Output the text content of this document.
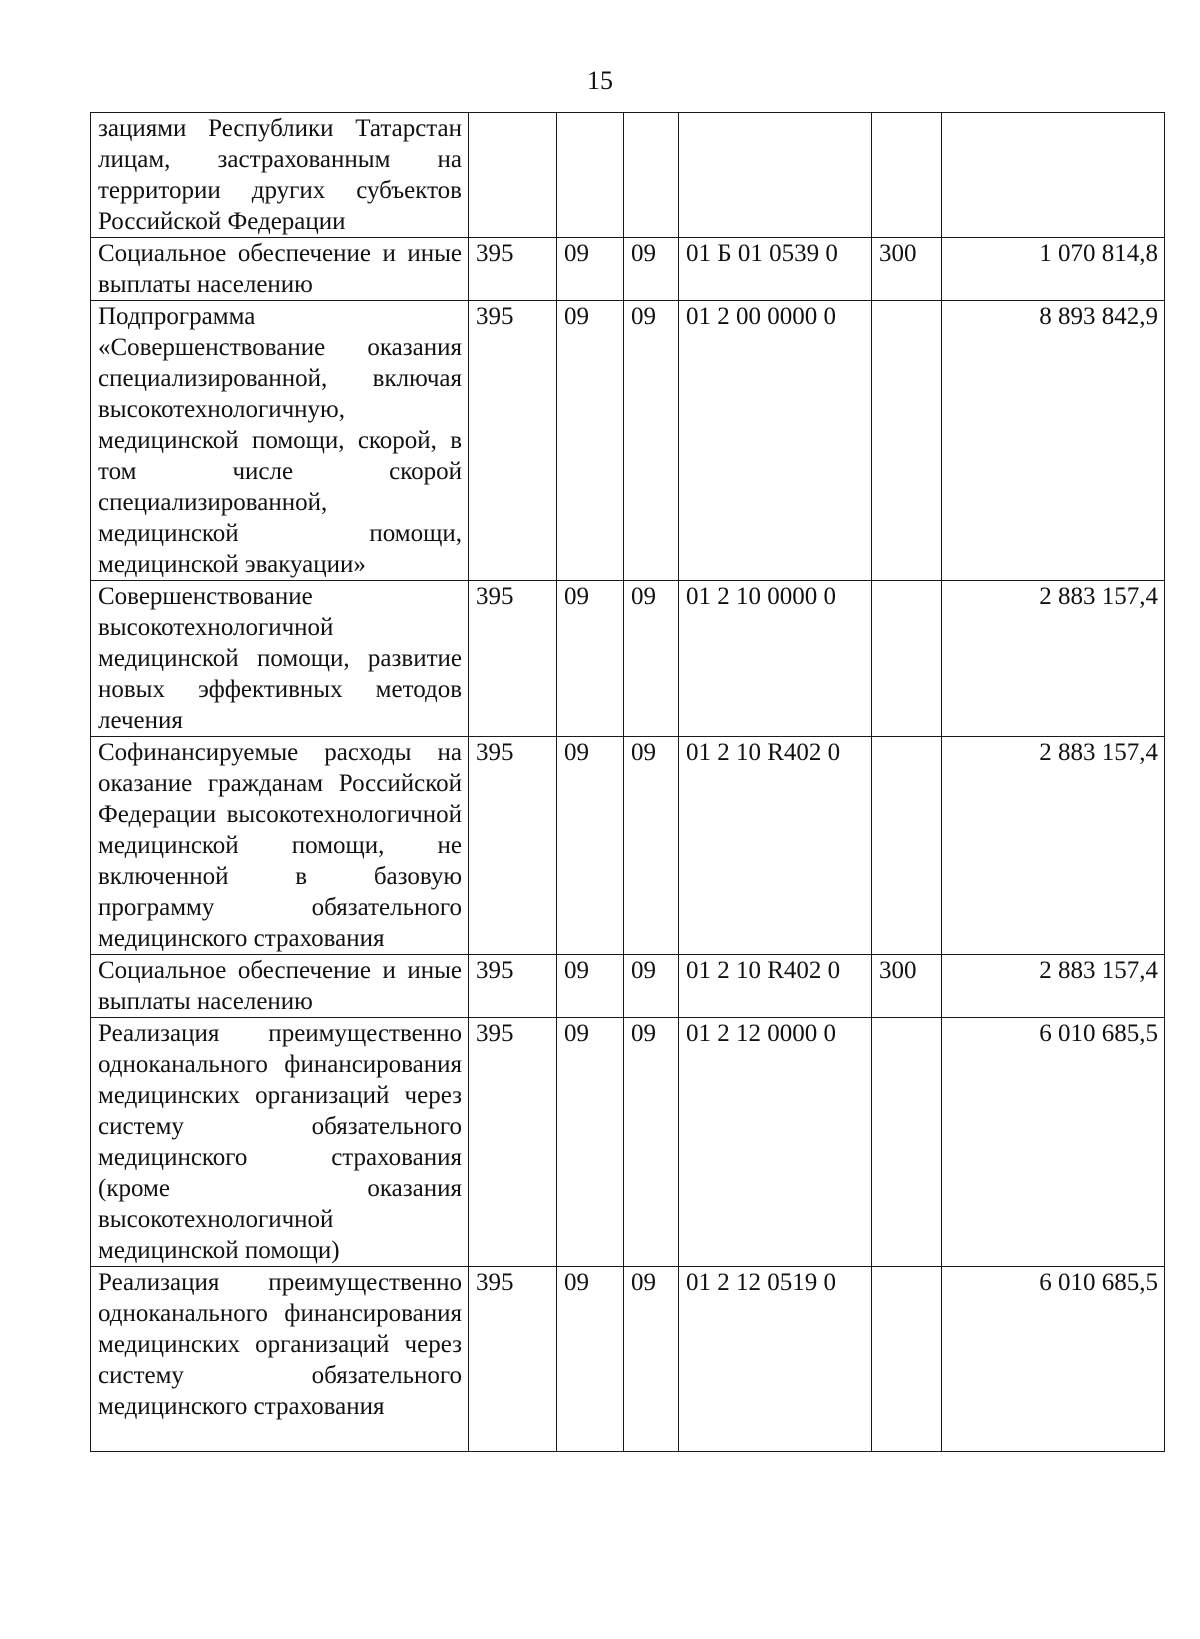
15
зациями Республики Татарстан лицам, застрахованным на территории других субъектов Российской Федерации						
Социальное обеспечение и иные выплаты населению	395	09	09	01 Б 01 0539 0	300	1 070 814,8
Подпрограмма «Совершенствование оказания специализированной, включая высокотехнологичную, медицинской помощи, скорой, в том числе скорой специализированной, медицинской помощи, медицинской эвакуации»	395	09	09	01 2 00 0000 0		8 893 842,9
Совершенствование высокотехнологичной медицинской помощи, развитие новых эффективных методов лечения	395	09	09	01 2 10 0000 0		2 883 157,4
Софинансируемые расходы на оказание гражданам Российской Федерации высокотехнологичной медицинской помощи, не включенной в базовую программу обязательного медицинского страхования	395	09	09	01 2 10 R402 0		2 883 157,4
Социальное обеспечение и иные выплаты населению	395	09	09	01 2 10 R402 0	300	2 883 157,4
Реализация преимущественно одноканального финансирования медицинских организаций через систему обязательного медицинского страхования (кроме оказания высокотехнологичной медицинской помощи)	395	09	09	01 2 12 0000 0		6 010 685,5
Реализация преимущественно одноканального финансирования медицинских организаций через систему обязательного медицинского страхования	395	09	09	01 2 12 0519 0		6 010 685,5
